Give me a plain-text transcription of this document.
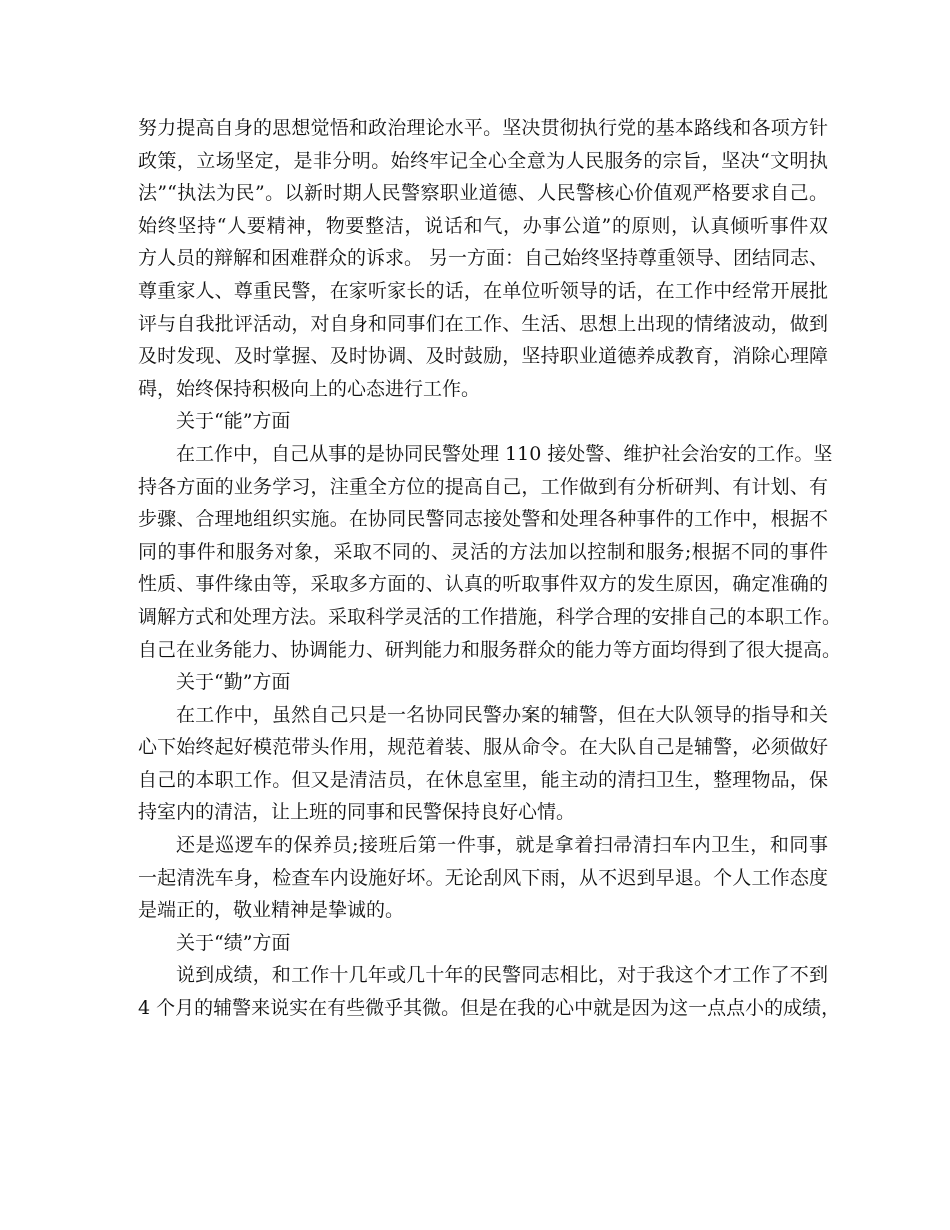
努力提高自身的思想觉悟和政治理论水平。坚决贯彻执行党的基本路线和各项方针
政策，立场坚定，是非分明。始终牢记全心全意为人民服务的宗旨，坚决“文明执
法”“执法为民”。以新时期人民警察职业道德、人民警核心价值观严格要求自己。
始终坚持“人要精神，物要整洁，说话和气，办事公道”的原则，认真倾听事件双
方人员的辩解和困难群众的诉求。 另一方面：自己始终坚持尊重领导、团结同志、
尊重家人、尊重民警，在家听家长的话，在单位听领导的话，在工作中经常开展批
评与自我批评活动，对自身和同事们在工作、生活、思想上出现的情绪波动，做到
及时发现、及时掌握、及时协调、及时鼓励，坚持职业道德养成教育，消除心理障
碍，始终保持积极向上的心态进行工作。
关于“能”方面
在工作中，自己从事的是协同民警处理 110 接处警、维护社会治安的工作。坚
持各方面的业务学习，注重全方位的提高自己，工作做到有分析研判、有计划、有
步骤、合理地组织实施。在协同民警同志接处警和处理各种事件的工作中，根据不
同的事件和服务对象，采取不同的、灵活的方法加以控制和服务;根据不同的事件
性质、事件缘由等，采取多方面的、认真的听取事件双方的发生原因，确定准确的
调解方式和处理方法。采取科学灵活的工作措施，科学合理的安排自己的本职工作。
自己在业务能力、协调能力、研判能力和服务群众的能力等方面均得到了很大提高。
关于“勤”方面
在工作中，虽然自己只是一名协同民警办案的辅警，但在大队领导的指导和关
心下始终起好模范带头作用，规范着装、服从命令。在大队自己是辅警，必须做好
自己的本职工作。但又是清洁员，在休息室里，能主动的清扫卫生，整理物品，保
持室内的清洁，让上班的同事和民警保持良好心情。
还是巡逻车的保养员;接班后第一件事，就是拿着扫帚清扫车内卫生，和同事
一起清洗车身，检查车内设施好坏。无论刮风下雨，从不迟到早退。个人工作态度
是端正的，敬业精神是挚诚的。
关于“绩”方面
说到成绩，和工作十几年或几十年的民警同志相比，对于我这个才工作了不到
4 个月的辅警来说实在有些微乎其微。但是在我的心中就是因为这一点点小的成绩，
